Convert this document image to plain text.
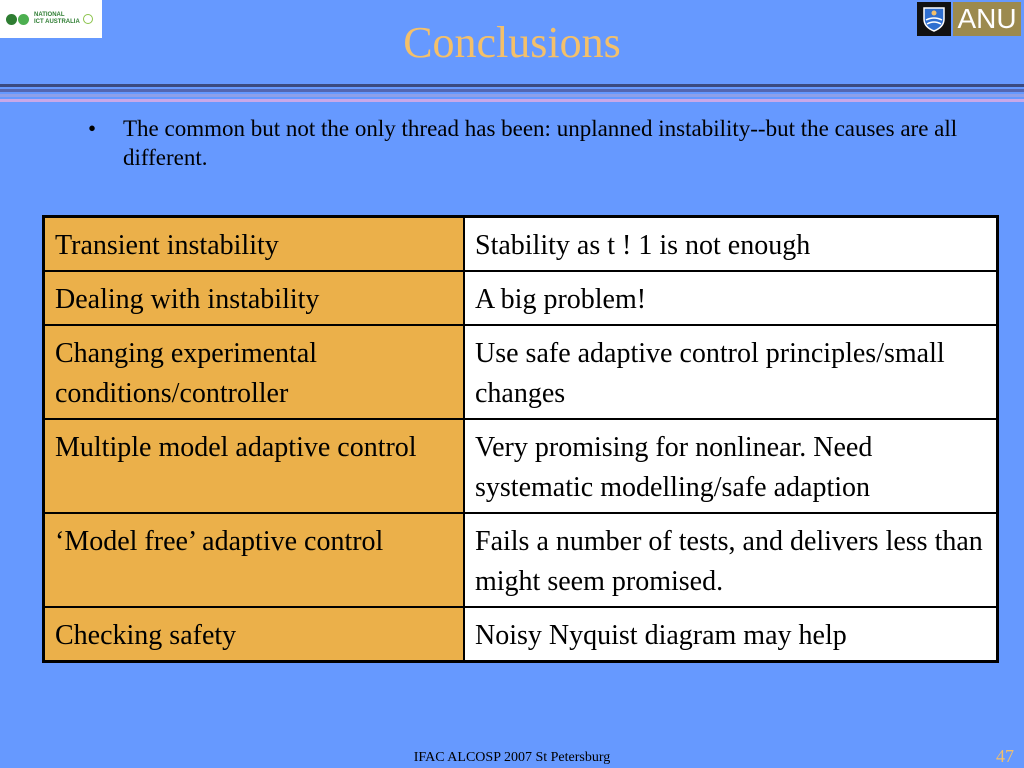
NATIONAL
ICT AUSTRALIA	Conclusions	ANU
•	The common but not the only thread has been: unplanned instability--but the causes are all different.
Transient instability	Stability as t ! 1 is not enough
Dealing with instability	A big problem!
Changing experimental conditions/controller	Use safe adaptive control principles/small changes
Multiple model adaptive control	Very promising for nonlinear. Need systematic modelling/safe adaption
‘Model free’ adaptive control	Fails a number of tests, and delivers less than might seem promised.
Checking safety	Noisy Nyquist diagram may help
IFAC ALCOSP 2007 St Petersburg	47
